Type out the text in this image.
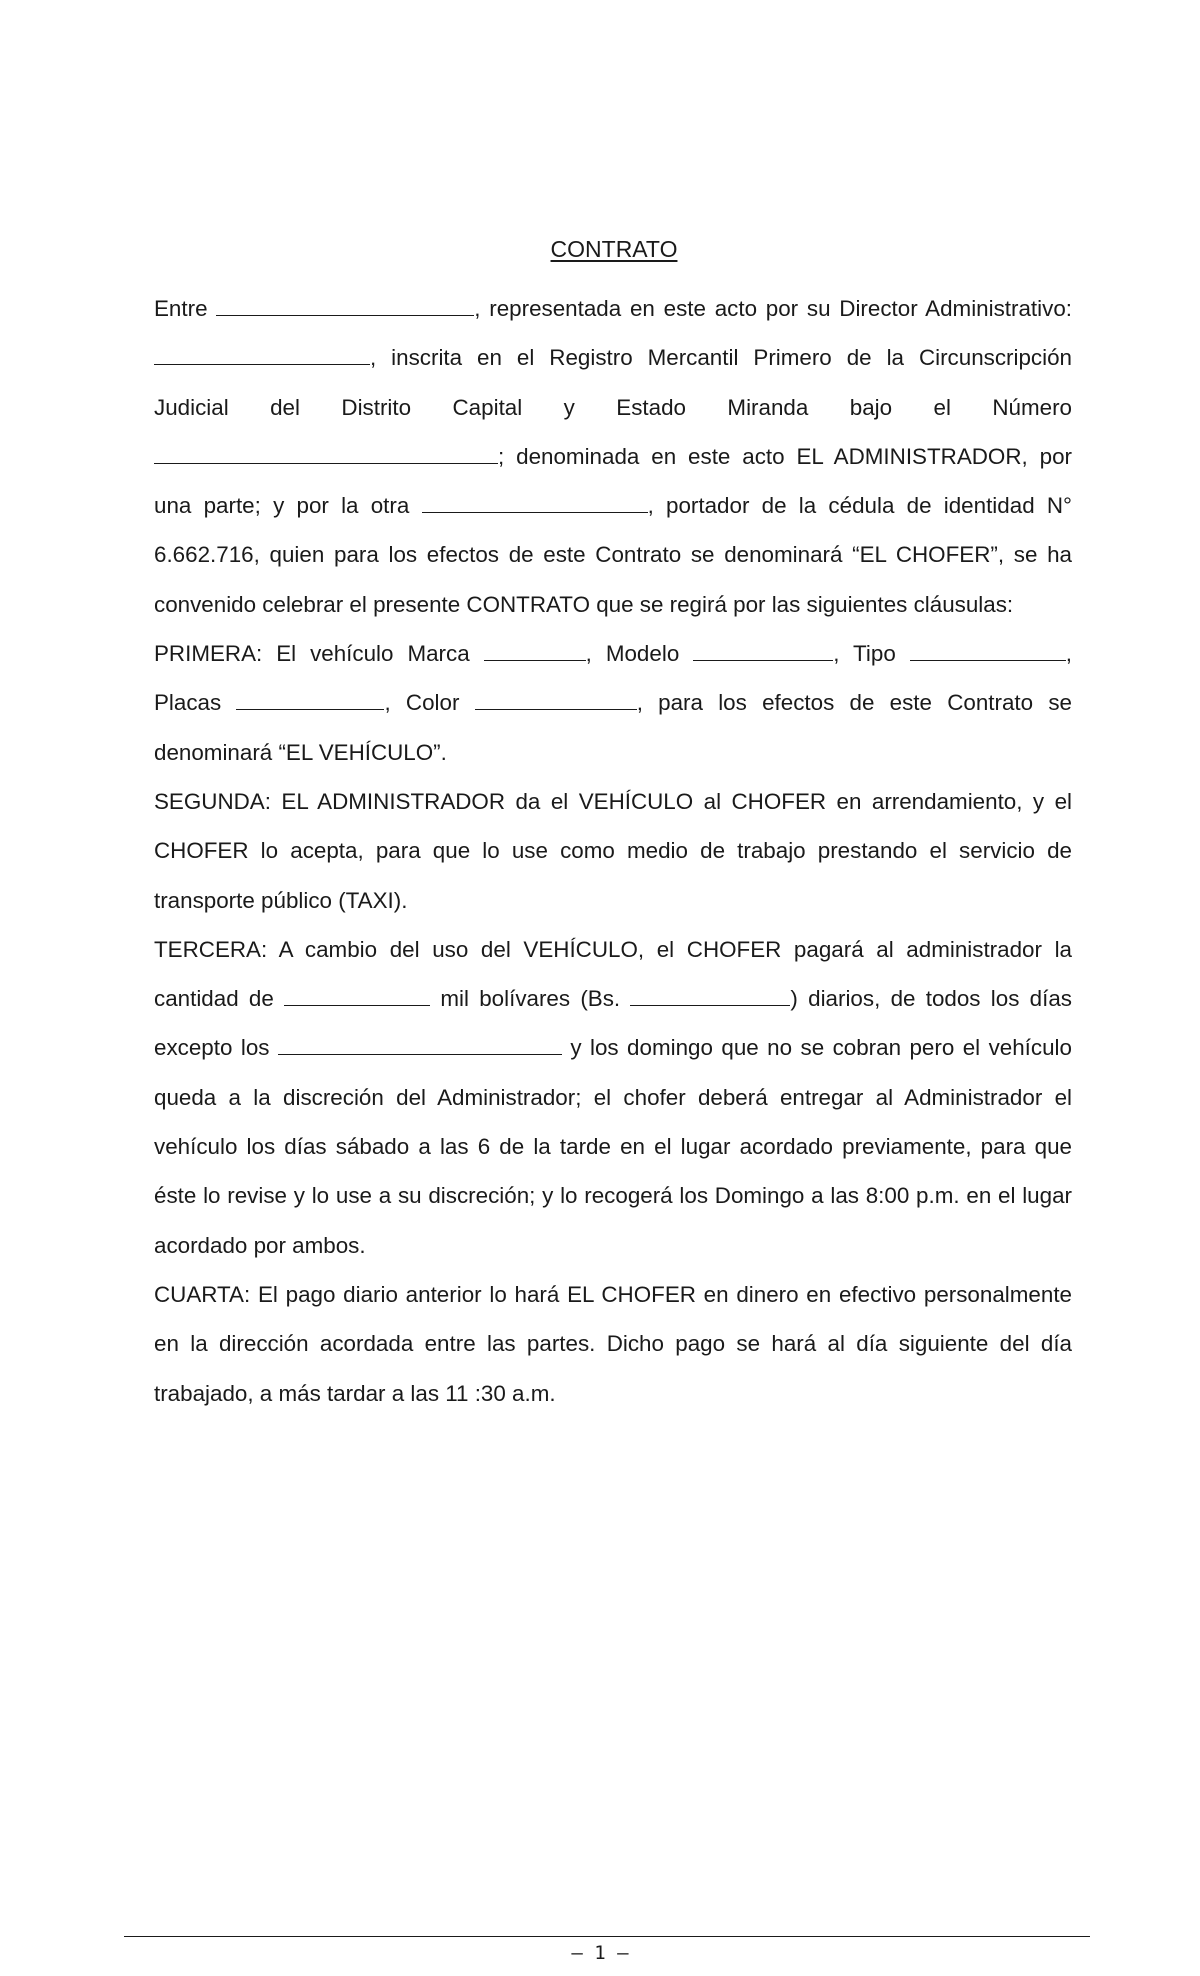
CONTRATO

Entre	, representada en este acto por su Director Administrativo: , inscrita en el Registro Mercantil Primero de la Circunscripción Judicial del Distrito Capital y Estado Miranda bajo el Número ; denominada en este acto EL ADMINISTRADOR, por una parte; y por la otra	, portador de la cédula de identidad N° 6.662.716, quien para los efectos de este Contrato se denominará “EL CHOFER”, se ha convenido celebrar el presente CONTRATO que se regirá por las siguientes cláusulas:

PRIMERA: El vehículo Marca	, Modelo	, Tipo	, Placas	, Color	, para los efectos de este Contrato se denominará “EL VEHÍCULO”.

SEGUNDA: EL ADMINISTRADOR da el VEHÍCULO al CHOFER en arrendamiento, y el CHOFER lo acepta, para que lo use como medio de trabajo prestando el servicio de transporte público (TAXI).

TERCERA: A cambio del uso del VEHÍCULO, el CHOFER pagará al administrador la cantidad de	mil bolívares (Bs.	) diarios, de todos los días excepto los	y los domingo que no se cobran pero el vehículo queda a la discreción del Administrador; el chofer deberá entregar al Administrador el vehículo los días sábado a las 6 de la tarde en el lugar acordado previamente, para que éste lo revise y lo use a su discreción; y lo recogerá los Domingo a las 8:00 p.m. en el lugar acordado por ambos.

CUARTA: El pago diario anterior lo hará EL CHOFER en dinero en efectivo personalmente en la dirección acordada entre las partes. Dicho pago se hará al día siguiente del día trabajado, a más tardar a las 11 :30 a.m.

– 1 –
